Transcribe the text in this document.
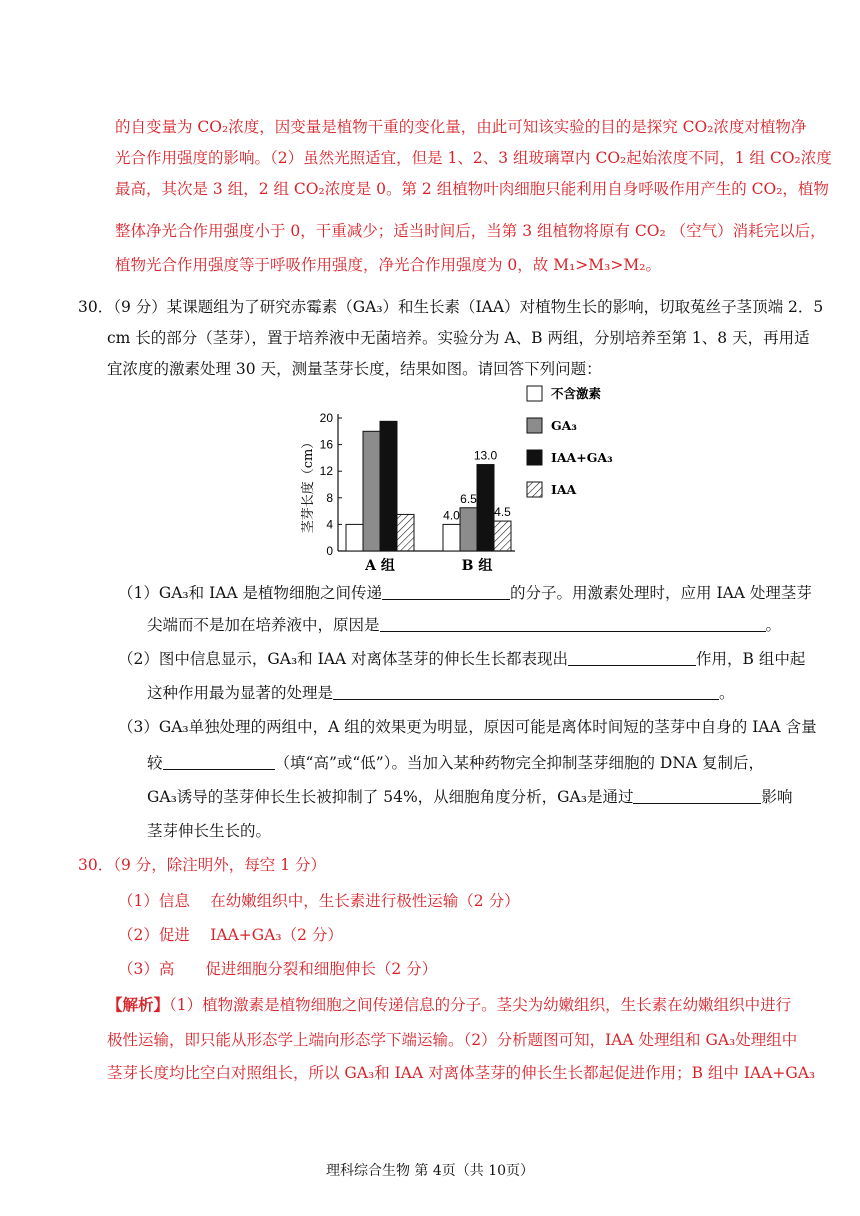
的自变量为 CO₂浓度，因变量是植物干重的变化量，由此可知该实验的目的是探究 CO₂浓度对植物净
光合作用强度的影响。（2）虽然光照适宜，但是 1、2、3 组玻璃罩内 CO₂起始浓度不同，1 组 CO₂浓度
最高，其次是 3 组，2 组 CO₂浓度是 0。第 2 组植物叶肉细胞只能利用自身呼吸作用产生的 CO₂，植物
整体净光合作用强度小于 0，干重减少；适当时间后，当第 3 组植物将原有 CO₂ （空气）消耗完以后，
植物光合作用强度等于呼吸作用强度，净光合作用强度为 0，故 M₁>M₃>M₂。
30．（9 分）某课题组为了研究赤霉素（GA₃）和生长素（IAA）对植物生长的影响，切取菟丝子茎顶端 2．5
cm 长的部分（茎芽），置于培养液中无菌培养。实验分为 A、B 两组，分别培养至第 1、8 天，再用适
宜浓度的激素处理 30 天，测量茎芽长度，结果如图。请回答下列问题：
0
4
8
12
16
20
茎芽长度（cm）
A 组
4.0
6.5
13.0
4.5
B 组
不含激素
GA₃
IAA+GA₃
IAA
（1）GA₃和 IAA 是植物细胞之间传递	的分子。用激素处理时，应用 IAA 处理茎芽
尖端而不是加在培养液中，原因是	。
（2）图中信息显示，GA₃和 IAA 对离体茎芽的伸长生长都表现出	作用，B 组中起
这种作用最为显著的处理是	。
（3）GA₃单独处理的两组中，A 组的效果更为明显，原因可能是离体时间短的茎芽中自身的 IAA 含量
较	（填“高”或“低”）。当加入某种药物完全抑制茎芽细胞的 DNA 复制后，
GA₃诱导的茎芽伸长生长被抑制了 54%，从细胞角度分析，GA₃是通过	影响
茎芽伸长生长的。
30．（9 分，除注明外，每空 1 分）
（1）信息　 在幼嫩组织中，生长素进行极性运输（2 分）
（2）促进　 IAA+GA₃（2 分）
（3）高　　促进细胞分裂和细胞伸长（2 分）
【解析】（1）植物激素是植物细胞之间传递信息的分子。茎尖为幼嫩组织，生长素在幼嫩组织中进行
极性运输，即只能从形态学上端向形态学下端运输。（2）分析题图可知，IAA 处理组和 GA₃处理组中
茎芽长度均比空白对照组长，所以 GA₃和 IAA 对离体茎芽的伸长生长都起促进作用；B 组中 IAA+GA₃
理科综合生物 第 4页（共 10页）
